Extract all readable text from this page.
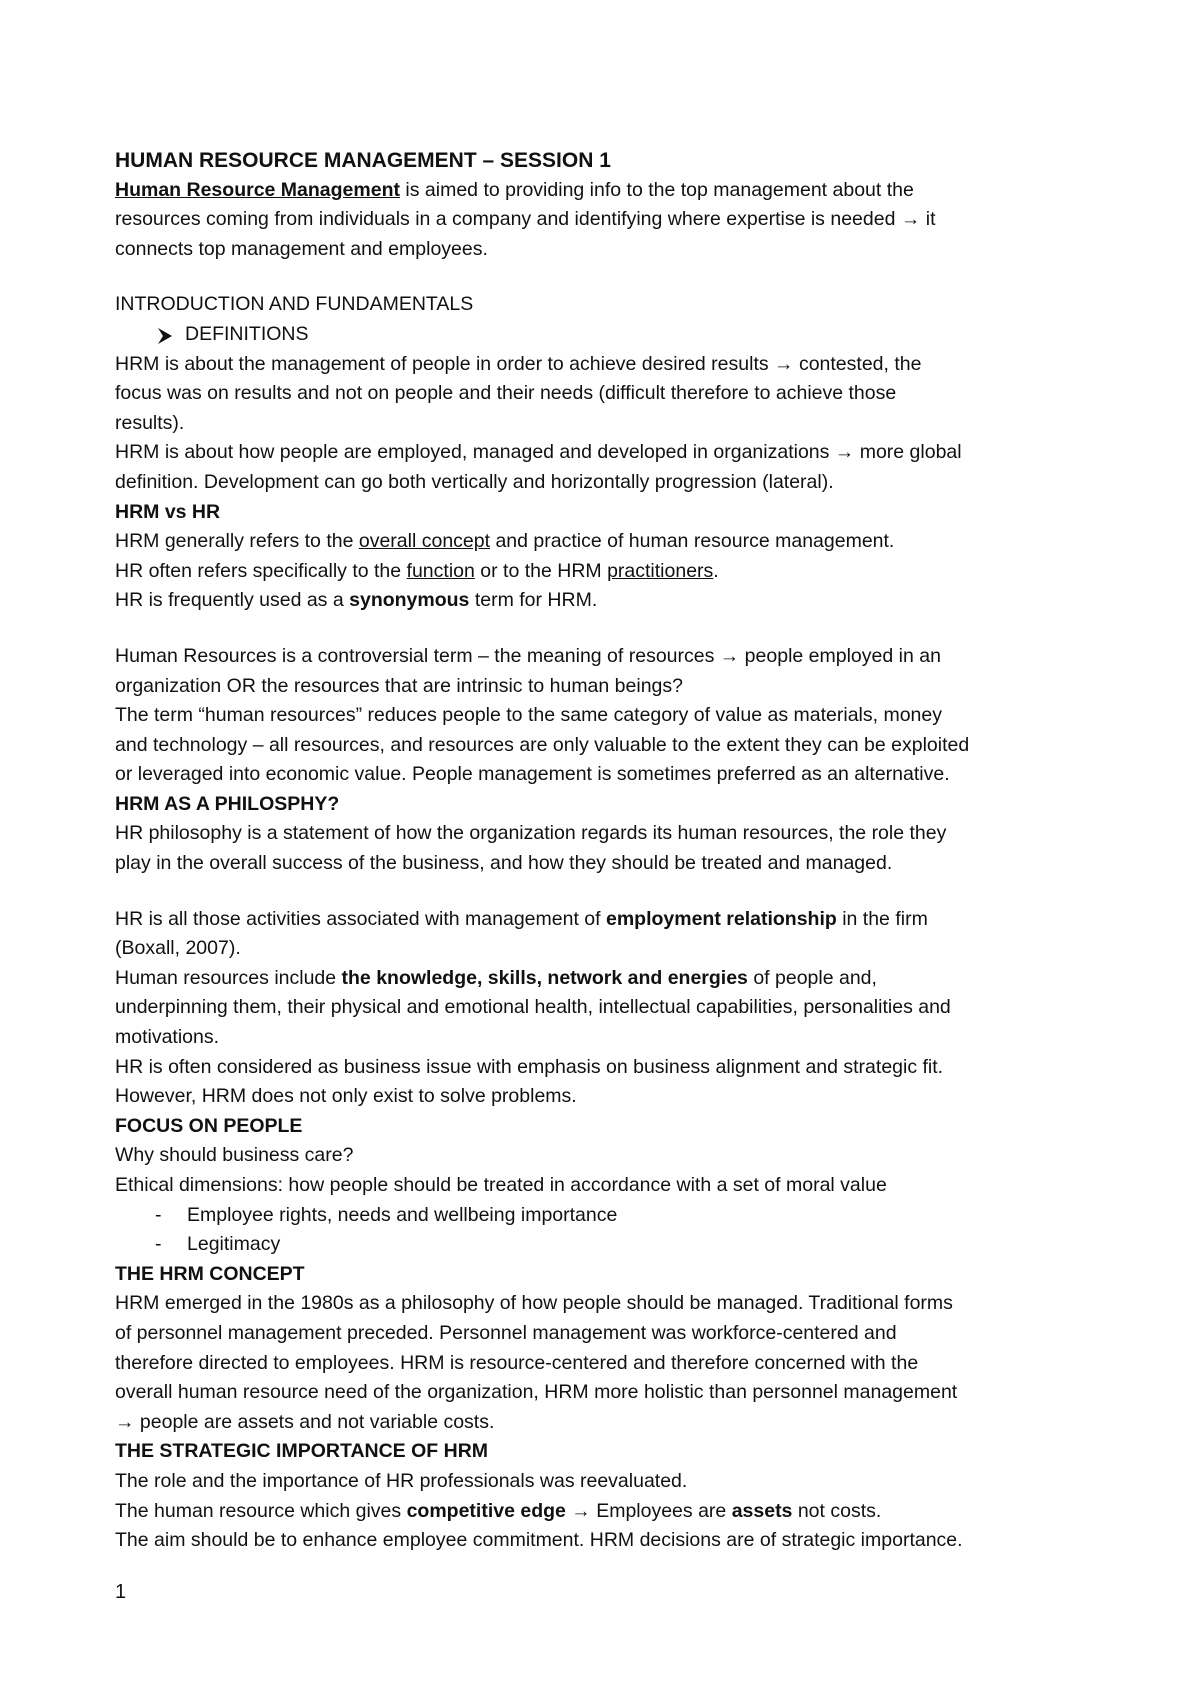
HUMAN RESOURCE MANAGEMENT – SESSION 1
Human Resource Management is aimed to providing info to the top management about the
resources coming from individuals in a company and identifying where expertise is needed → it
connects top management and employees.
INTRODUCTION AND FUNDAMENTALS
DEFINITIONS
HRM is about the management of people in order to achieve desired results → contested, the
focus was on results and not on people and their needs (difficult therefore to achieve those
results).
HRM is about how people are employed, managed and developed in organizations → more global
definition. Development can go both vertically and horizontally progression (lateral).
HRM vs HR
HRM generally refers to the overall concept and practice of human resource management.
HR often refers specifically to the function or to the HRM practitioners.
HR is frequently used as a synonymous term for HRM.
Human Resources is a controversial term – the meaning of resources → people employed in an
organization OR the resources that are intrinsic to human beings?
The term “human resources” reduces people to the same category of value as materials, money
and technology – all resources, and resources are only valuable to the extent they can be exploited
or leveraged into economic value. People management is sometimes preferred as an alternative.
HRM AS A PHILOSPHY?
HR philosophy is a statement of how the organization regards its human resources, the role they
play in the overall success of the business, and how they should be treated and managed.
HR is all those activities associated with management of employment relationship in the firm
(Boxall, 2007).
Human resources include the knowledge, skills, network and energies of people and,
underpinning them, their physical and emotional health, intellectual capabilities, personalities and
motivations.
HR is often considered as business issue with emphasis on business alignment and strategic fit.
However, HRM does not only exist to solve problems.
FOCUS ON PEOPLE
Why should business care?
Ethical dimensions: how people should be treated in accordance with a set of moral value
-	Employee rights, needs and wellbeing importance
-	Legitimacy
THE HRM CONCEPT
HRM emerged in the 1980s as a philosophy of how people should be managed. Traditional forms
of personnel management preceded. Personnel management was workforce-centered and
therefore directed to employees. HRM is resource-centered and therefore concerned with the
overall human resource need of the organization, HRM more holistic than personnel management
→ people are assets and not variable costs.
THE STRATEGIC IMPORTANCE OF HRM
The role and the importance of HR professionals was reevaluated.
The human resource which gives competitive edge → Employees are assets not costs.
The aim should be to enhance employee commitment. HRM decisions are of strategic importance.
1
